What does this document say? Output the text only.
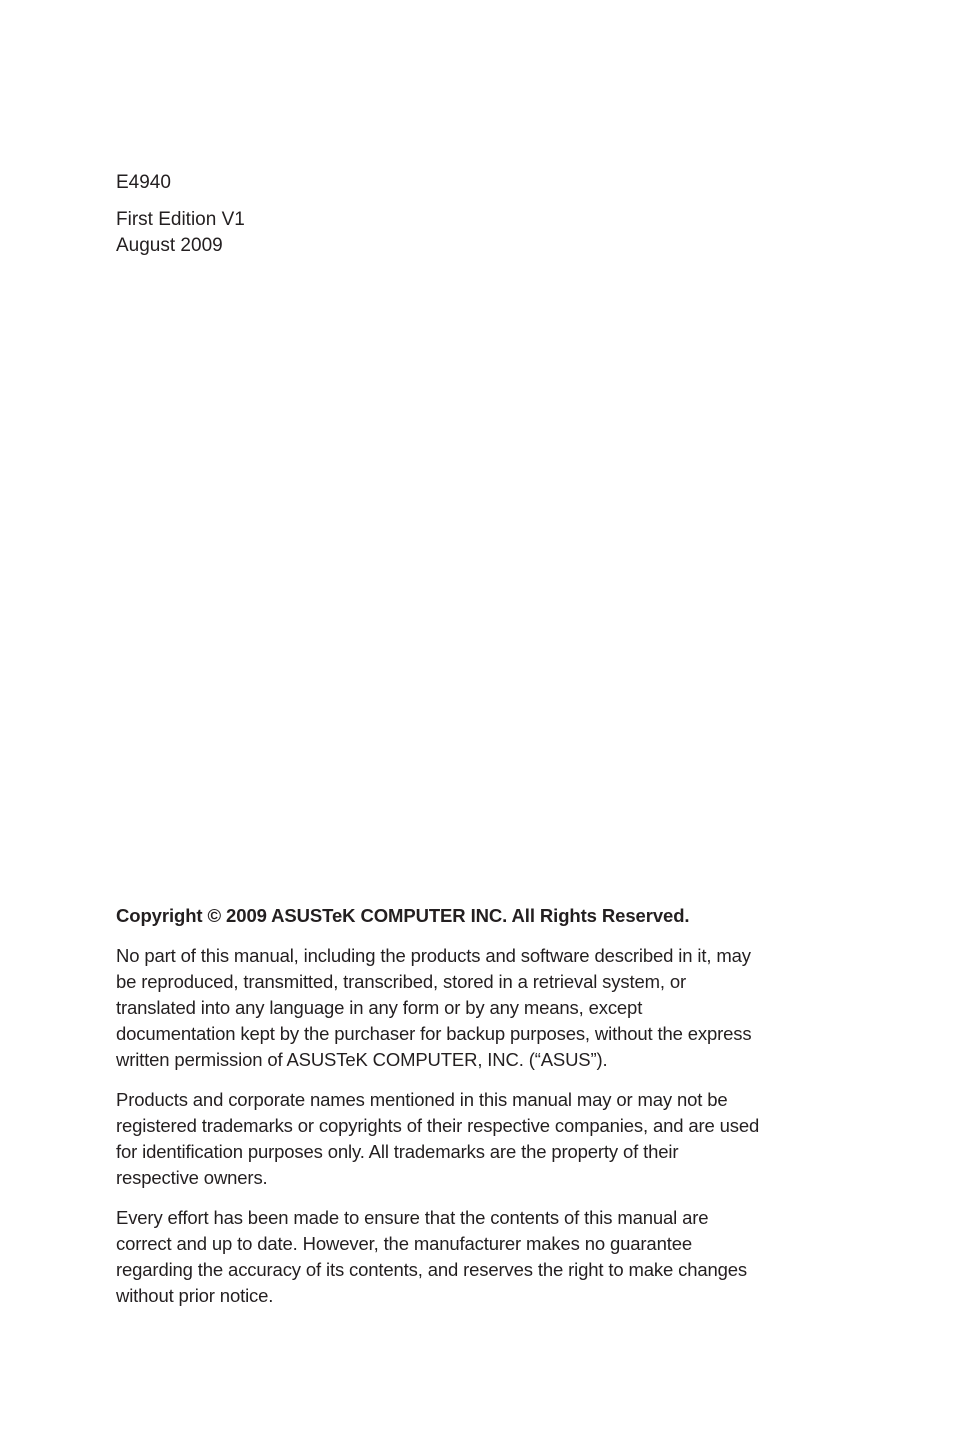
E4940

First Edition V1

August 2009

Copyright © 2009 ASUSTeK COMPUTER INC. All Rights Reserved.

No part of this manual, including the products and software described in it, may
be reproduced, transmitted, transcribed, stored in a retrieval system, or
translated into any language in any form or by any means, except
documentation kept by the purchaser for backup purposes, without the express
written permission of ASUSTeK COMPUTER, INC. (“ASUS”).

Products and corporate names mentioned in this manual may or may not be
registered trademarks or copyrights of their respective companies, and are used
for identification purposes only. All trademarks are the property of their
respective owners.

Every effort has been made to ensure that the contents of this manual are
correct and up to date. However, the manufacturer makes no guarantee
regarding the accuracy of its contents, and reserves the right to make changes
without prior notice.
